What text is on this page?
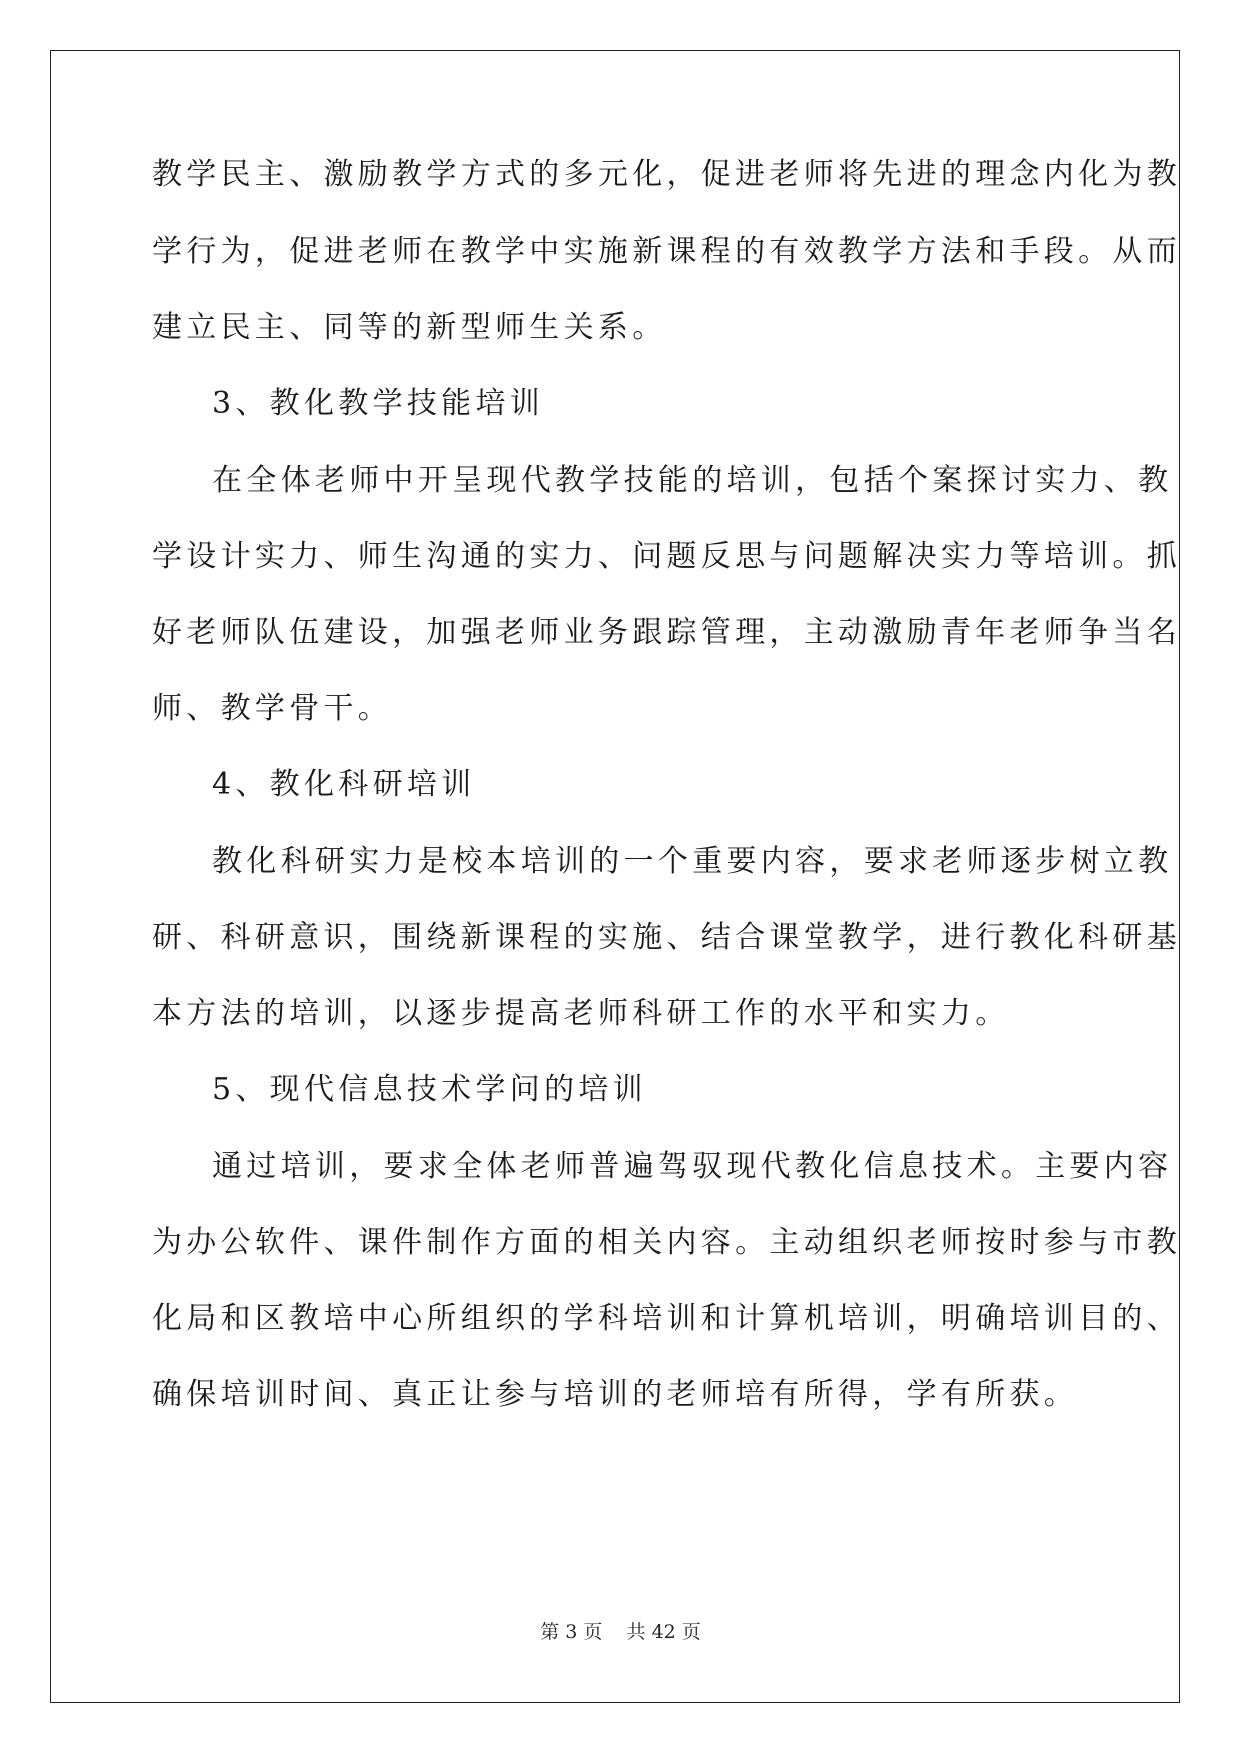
教学民主、激励教学方式的多元化，促进老师将先进的理念内化为教
学行为，促进老师在教学中实施新课程的有效教学方法和手段。从而
建立民主、同等的新型师生关系。
3、教化教学技能培训
在全体老师中开呈现代教学技能的培训，包括个案探讨实力、教
学设计实力、师生沟通的实力、问题反思与问题解决实力等培训。抓
好老师队伍建设，加强老师业务跟踪管理，主动激励青年老师争当名
师、教学骨干。
4、教化科研培训
教化科研实力是校本培训的一个重要内容，要求老师逐步树立教
研、科研意识，围绕新课程的实施、结合课堂教学，进行教化科研基
本方法的培训，以逐步提高老师科研工作的水平和实力。
5、现代信息技术学问的培训
通过培训，要求全体老师普遍驾驭现代教化信息技术。主要内容
为办公软件、课件制作方面的相关内容。主动组织老师按时参与市教
化局和区教培中心所组织的学科培训和计算机培训，明确培训目的、
确保培训时间、真正让参与培训的老师培有所得，学有所获。
第 3 页    共 42 页
